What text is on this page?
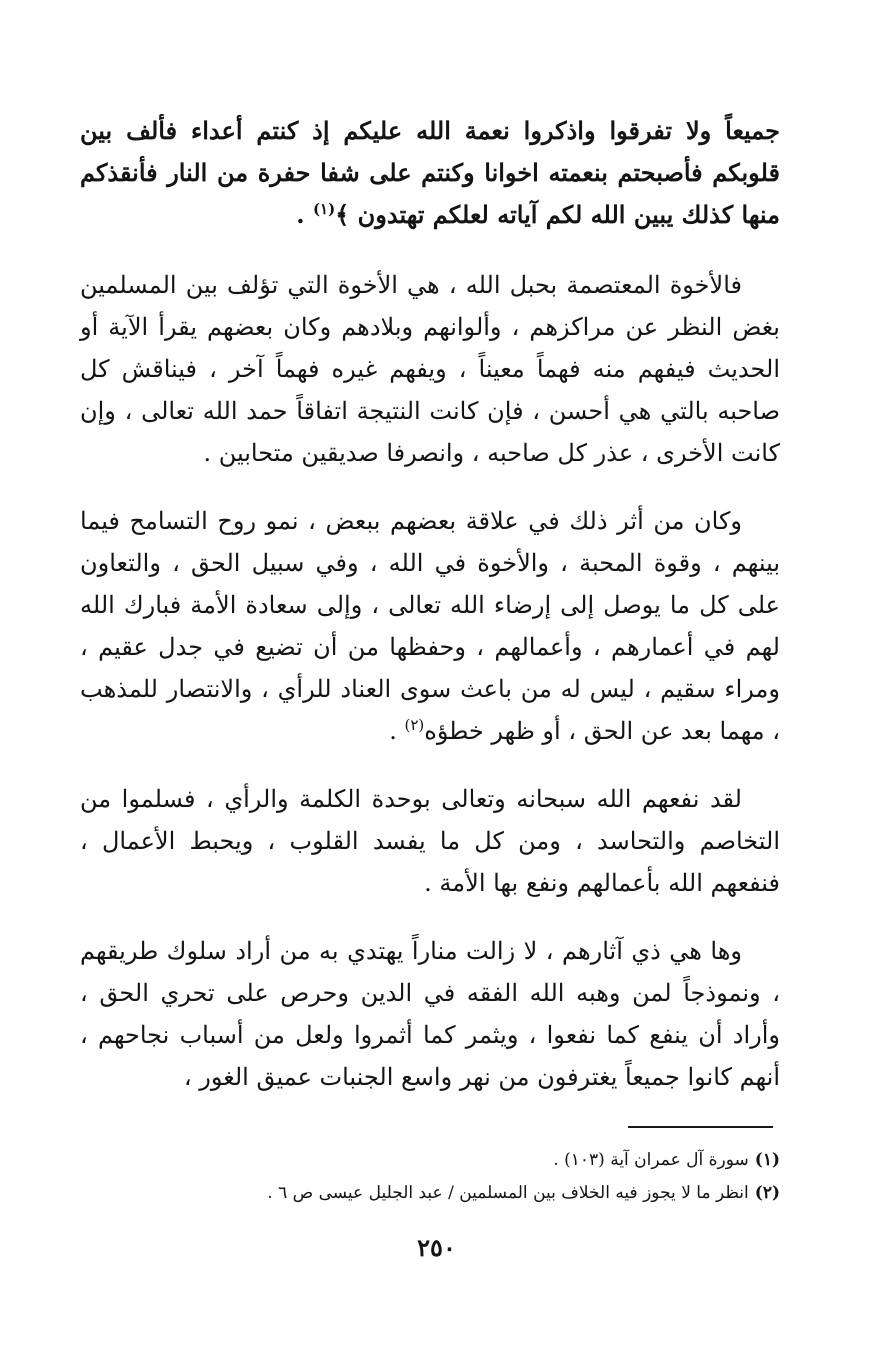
جميعاً ولا تفرقوا واذكروا نعمة الله عليكم إذ كنتم أعداء فألف بين قلوبكم فأصبحتم بنعمته اخوانا وكنتم على شفا حفرة من النار فأنقذكم منها كذلك يبين الله لكم آياته لعلكم تهتدون ﴾$^{(١)}$ .

فالأخوة المعتصمة بحبل الله ، هي الأخوة التي تؤلف بين المسلمين بغض النظر عن مراكزهم ، وألوانهم وبلادهم وكان بعضهم يقرأ الآية أو الحديث فيفهم منه فهماً معيناً ، ويفهم غيره فهماً آخر ، فيناقش كل صاحبه بالتي هي أحسن ، فإن كانت النتيجة اتفاقاً حمد الله تعالى ، وإن كانت الأخرى ، عذر كل صاحبه ، وانصرفا صديقين متحابين .

وكان من أثر ذلك في علاقة بعضهم ببعض ، نمو روح التسامح فيما بينهم ، وقوة المحبة ، والأخوة في الله ، وفي سبيل الحق ، والتعاون على كل ما يوصل إلى إرضاء الله تعالى ، وإلى سعادة الأمة فبارك الله لهم في أعمارهم ، وأعمالهم ، وحفظها من أن تضيع في جدل عقيم ، ومراء سقيم ، ليس له من باعث سوى العناد للرأي ، والانتصار للمذهب ، مهما بعد عن الحق ، أو ظهر خطؤه$^{(٢)}$ .

لقد نفعهم الله سبحانه وتعالى بوحدة الكلمة والرأي ، فسلموا من التخاصم والتحاسد ، ومن كل ما يفسد القلوب ، ويحبط الأعمال ، فنفعهم الله بأعمالهم ونفع بها الأمة .

وها هي ذي آثارهم ، لا زالت مناراً يهتدي به من أراد سلوك طريقهم ، ونموذجاً لمن وهبه الله الفقه في الدين وحرص على تحري الحق ، وأراد أن ينفع كما نفعوا ، ويثمر كما أثمروا ولعل من أسباب نجاحهم ، أنهم كانوا جميعاً يغترفون من نهر واسع الجنبات عميق الغور ،

(١)سورة آل عمران آية (١٠٣) .
(٢)انظر ما لا يجوز فيه الخلاف بين المسلمين / عبد الجليل عيسى ص ٦ .
٢٥٠
